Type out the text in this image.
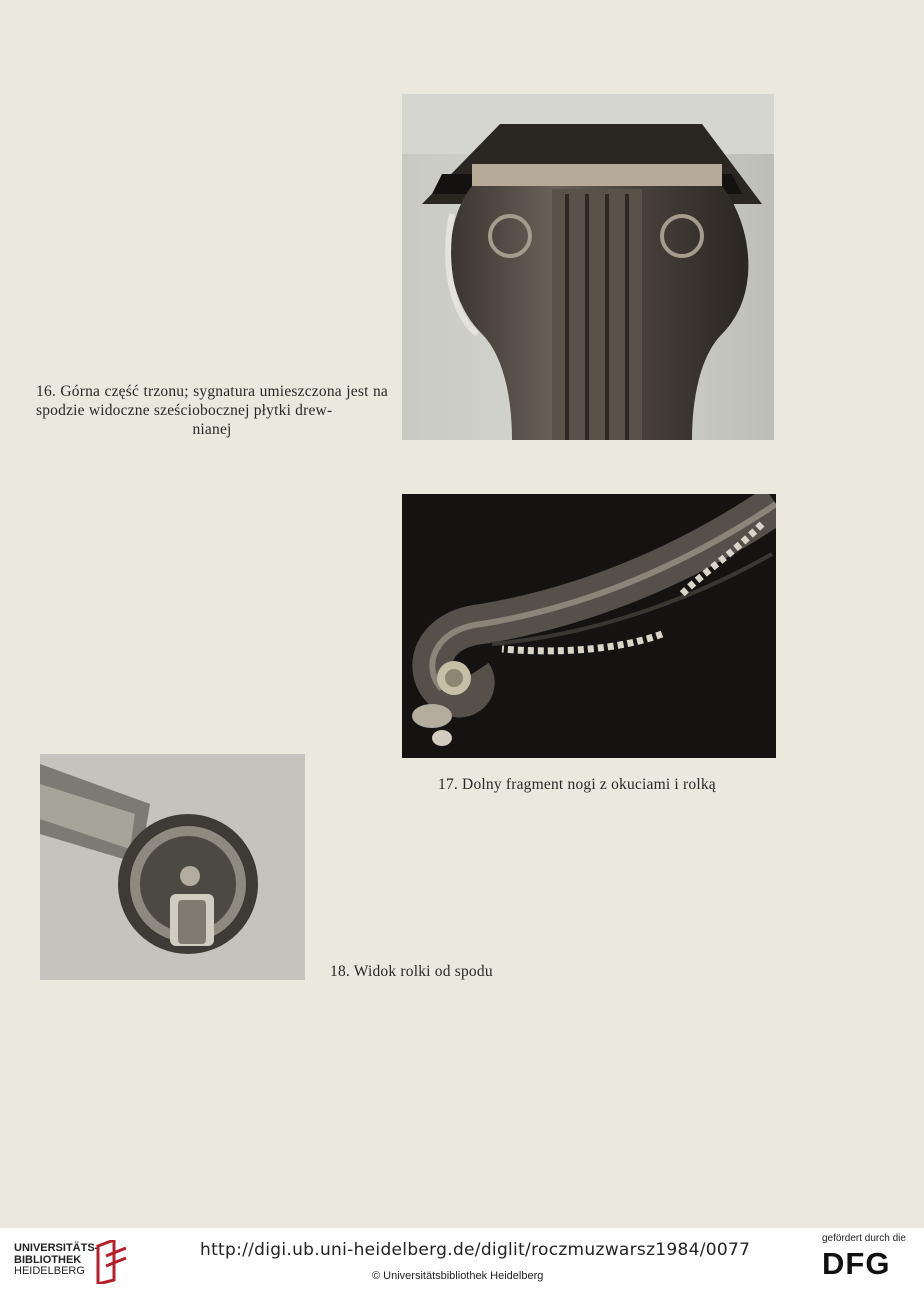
16. Górna część trzonu; sygnatura umieszczona jest na spodzie widoczne sześciobocznej płytki drew-
nianej
17. Dolny fragment nogi z okuciami i rolką
18. Widok rolki od spodu
UNIVERSITÄTS-
BIBLIOTHEK
HEIDELBERG
http://digi.ub.uni-heidelberg.de/diglit/roczmuzwarsz1984/0077
© Universitätsbibliothek Heidelberg
gefördert durch die
DFG
